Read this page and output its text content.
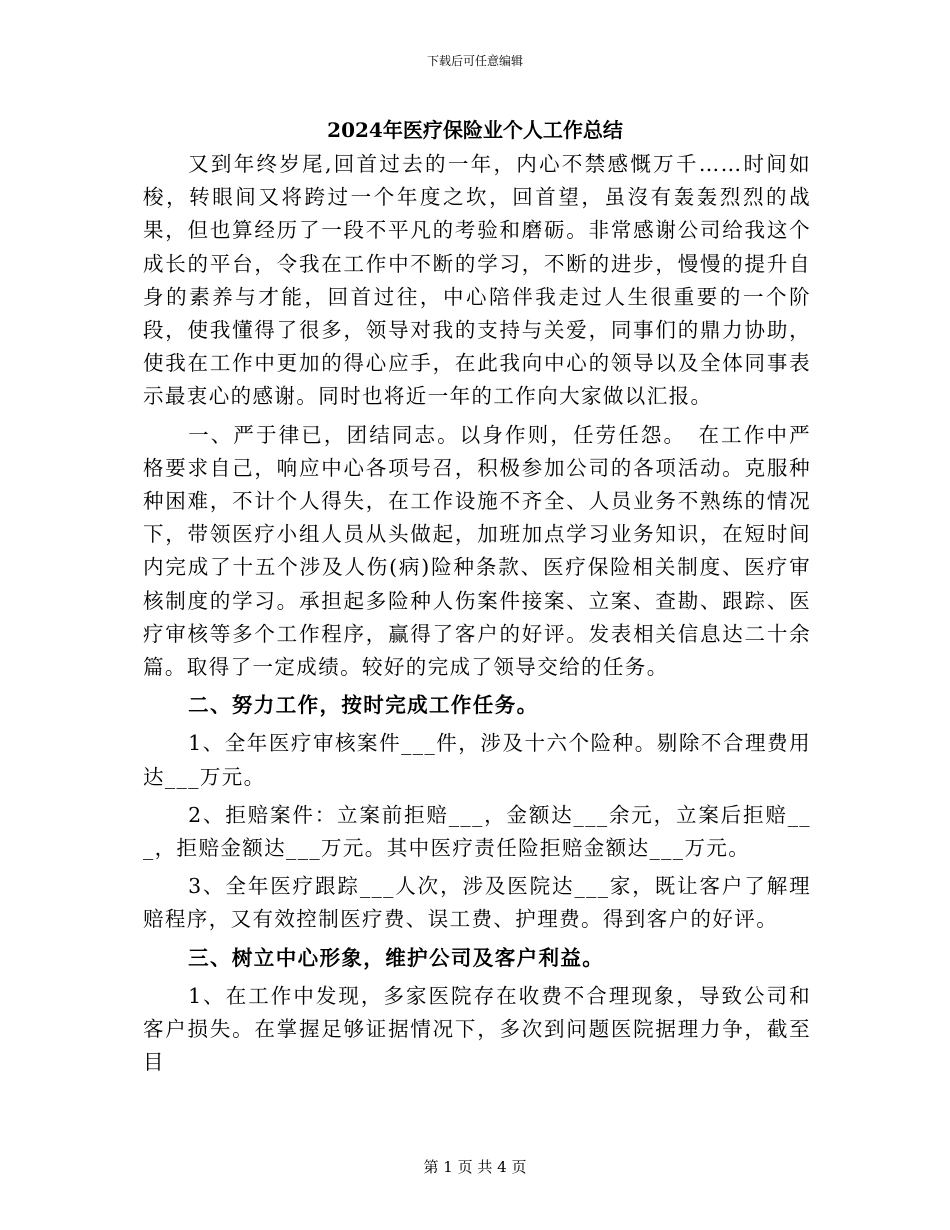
下载后可任意编辑
2024年医疗保险业个人工作总结

又到年终岁尾,回首过去的一年，内心不禁感慨万千……时间如梭，转眼间又将跨过一个年度之坎，回首望，虽沒有轰轰烈烈的战果，但也算经历了一段不平凡的考验和磨砺。非常感谢公司给我这个成长的平台，令我在工作中不断的学习，不断的进步，慢慢的提升自身的素养与才能，回首过往，中心陪伴我走过人生很重要的一个阶段，使我懂得了很多，领导对我的支持与关爱，同事们的鼎力协助，使我在工作中更加的得心应手，在此我向中心的领导以及全体同事表示最衷心的感谢。同时也将近一年的工作向大家做以汇报。

一、严于律已，团结同志。以身作则，任劳任怨。　在工作中严格要求自己，响应中心各项号召，积极参加公司的各项活动。克服种种困难，不计个人得失，在工作设施不齐全、人员业务不熟练的情况下，带领医疗小组人员从头做起，加班加点学习业务知识，在短时间内完成了十五个涉及人伤(病)险种条款、医疗保险相关制度、医疗审核制度的学习。承担起多险种人伤案件接案、立案、查勘、跟踪、医疗审核等多个工作程序，赢得了客户的好评。发表相关信息达二十余篇。取得了一定成绩。较好的完成了领导交给的任务。

二、努力工作，按时完成工作任务。

1、全年医疗审核案件___件，涉及十六个险种。剔除不合理费用达___万元。

2、拒赔案件：立案前拒赔___，金额达___余元，立案后拒赔___，拒赔金额达___万元。其中医疗责任险拒赔金额达___万元。

3、全年医疗跟踪___人次，涉及医院达___家，既让客户了解理赔程序，又有效控制医疗费、误工费、护理费。得到客户的好评。

三、树立中心形象，维护公司及客户利益。

1、在工作中发现，多家医院存在收费不合理现象，导致公司和客户损失。在掌握足够证据情况下，多次到问题医院据理力争，截至目

第 1 页 共 4 页
